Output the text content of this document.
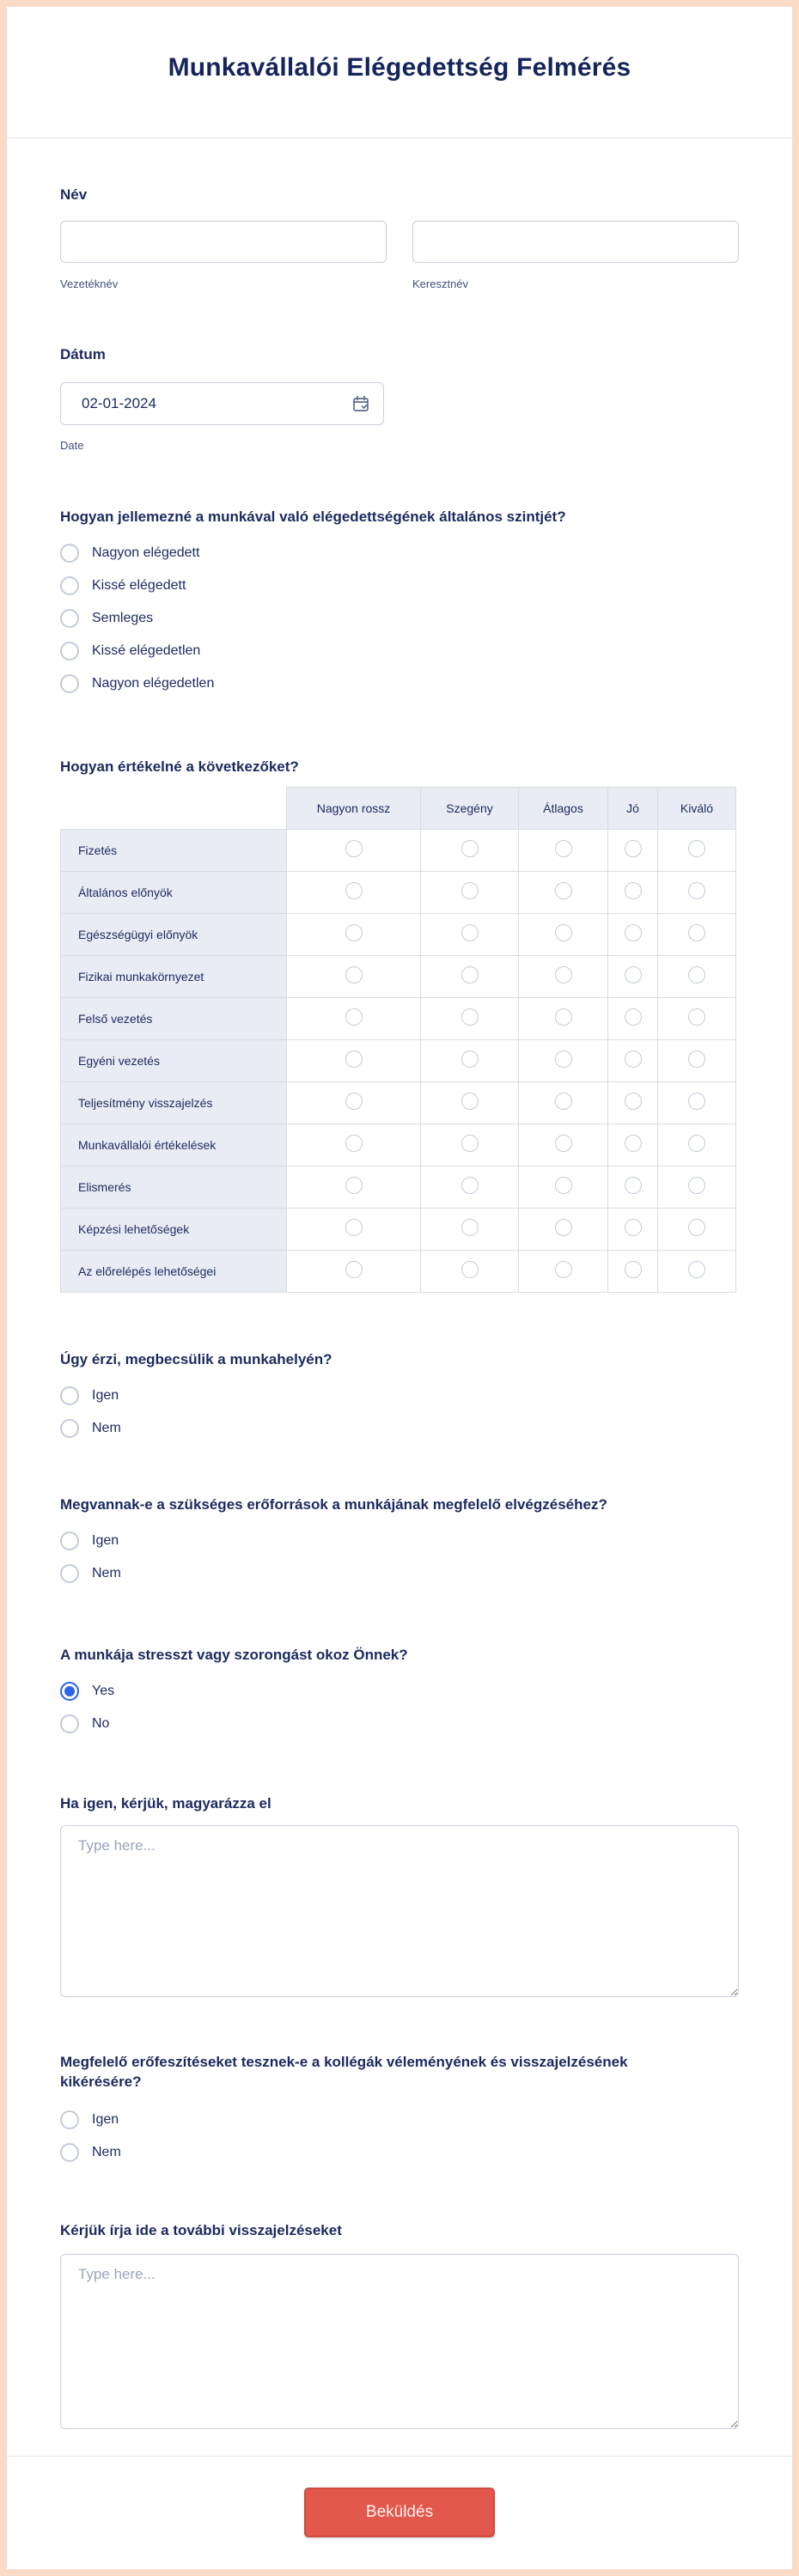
Munkavállalói Elégedettség Felmérés
Név
Vezetéknév	Keresztnév
Dátum
02-01-2024
Date
Hogyan jellemezné a munkával való elégedettségének általános szintjét?
Nagyon elégedett
Kissé elégedett
Semleges
Kissé elégedetlen
Nagyon elégedetlen
Hogyan értékelné a következőket?
	Nagyon rossz	Szegény	Átlagos	Jó	Kiváló
Fizetés					
Általános előnyök					
Egészségügyi előnyök					
Fizikai munkakörnyezet					
Felső vezetés					
Egyéni vezetés					
Teljesítmény visszajelzés					
Munkavállalói értékelések					
Elismerés					
Képzési lehetőségek					
Az előrelépés lehetőségei					
Úgy érzi, megbecsülik a munkahelyén?
Igen
Nem
Megvannak-e a szükséges erőforrások a munkájának megfelelő elvégzéséhez?
Igen
Nem
A munkája stresszt vagy szorongást okoz Önnek?
Yes
No
Ha igen, kérjük, magyarázza el
Type here...
Megfelelő erőfeszítéseket tesznek-e a kollégák véleményének és visszajelzésének kikérésére?
Igen
Nem
Kérjük írja ide a további visszajelzéseket
Type here...
Beküldés
